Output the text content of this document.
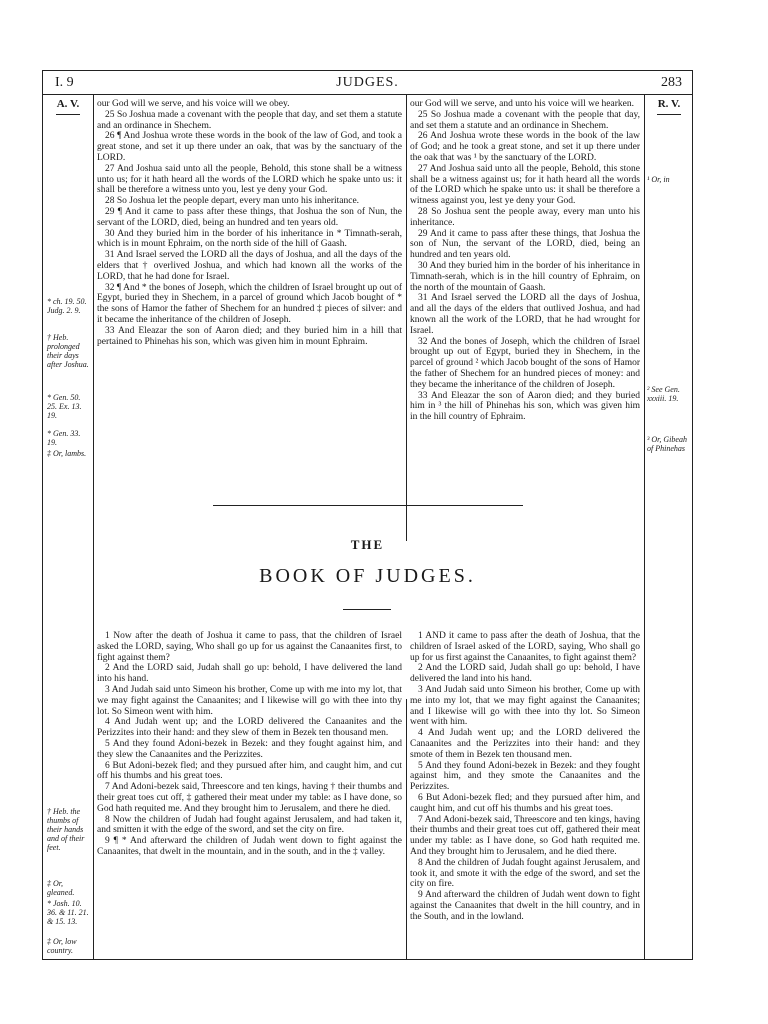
I. 9	JUDGES.	283
A. V.	R. V.

our God will we serve, and his voice will we obey.

25 So Joshua made a covenant with the people that day, and set them a statute and an ordinance in Shechem.

26 ¶ And Joshua wrote these words in the book of the law of God, and took a great stone, and set it up there under an oak, that was by the sanctuary of the LORD.

27 And Joshua said unto all the people, Behold, this stone shall be a witness unto us; for it hath heard all the words of the LORD which he spake unto us: it shall be therefore a witness unto you, lest ye deny your God.

28 So Joshua let the people depart, every man unto his inheritance.

29 ¶ And it came to pass after these things, that Joshua the son of Nun, the servant of the LORD, died, being an hundred and ten years old.

30 And they buried him in the border of his inheritance in * Timnath-serah, which is in mount Ephraim, on the north side of the hill of Gaash.

31 And Israel served the LORD all the days of Joshua, and all the days of the elders that † overlived Joshua, and which had known all the works of the LORD, that he had done for Israel.

32 ¶ And * the bones of Joseph, which the children of Israel brought up out of Egypt, buried they in Shechem, in a parcel of ground which Jacob bought of * the sons of Hamor the father of Shechem for an hundred ‡ pieces of silver: and it became the inheritance of the children of Joseph.

33 And Eleazar the son of Aaron died; and they buried him in a hill that pertained to Phinehas his son, which was given him in mount Ephraim.

our God will we serve, and unto his voice will we hearken.

25 So Joshua made a covenant with the people that day, and set them a statute and an ordinance in Shechem.

26 And Joshua wrote these words in the book of the law of God; and he took a great stone, and set it up there under the oak that was ¹ by the sanctuary of the LORD.

27 And Joshua said unto all the people, Behold, this stone shall be a witness against us; for it hath heard all the words of the LORD which he spake unto us: it shall be therefore a witness against you, lest ye deny your God.

28 So Joshua sent the people away, every man unto his inheritance.

29 And it came to pass after these things, that Joshua the son of Nun, the servant of the LORD, died, being an hundred and ten years old.

30 And they buried him in the border of his inheritance in Timnath-serah, which is in the hill country of Ephraim, on the north of the mountain of Gaash.

31 And Israel served the LORD all the days of Joshua, and all the days of the elders that outlived Joshua, and had known all the work of the LORD, that he had wrought for Israel.

32 And the bones of Joseph, which the children of Israel brought up out of Egypt, buried they in Shechem, in the parcel of ground ² which Jacob bought of the sons of Hamor the father of Shechem for an hundred pieces of money: and they became the inheritance of the children of Joseph.

33 And Eleazar the son of Aaron died; and they buried him in ³ the hill of Phinehas his son, which was given him in the hill country of Ephraim.

* ch. 19. 50. Judg. 2. 9.
† Heb. prolonged their days after Joshua.
* Gen. 50. 25. Ex. 13. 19.
* Gen. 33. 19.
‡ Or, lambs.
¹ Or, in
² See Gen. xxxiii. 19.
³ Or, Gibeah of Phinehas
THE
BOOK OF JUDGES.

1 Now after the death of Joshua it came to pass, that the children of Israel asked the LORD, saying, Who shall go up for us against the Canaanites first, to fight against them?

2 And the LORD said, Judah shall go up: behold, I have delivered the land into his hand.

3 And Judah said unto Simeon his brother, Come up with me into my lot, that we may fight against the Canaanites; and I likewise will go with thee into thy lot. So Simeon went with him.

4 And Judah went up; and the LORD delivered the Canaanites and the Perizzites into their hand: and they slew of them in Bezek ten thousand men.

5 And they found Adoni-bezek in Bezek: and they fought against him, and they slew the Canaanites and the Perizzites.

6 But Adoni-bezek fled; and they pursued after him, and caught him, and cut off his thumbs and his great toes.

7 And Adoni-bezek said, Threescore and ten kings, having † their thumbs and their great toes cut off, ‡ gathered their meat under my table: as I have done, so God hath requited me. And they brought him to Jerusalem, and there he died.

8 Now the children of Judah had fought against Jerusalem, and had taken it, and smitten it with the edge of the sword, and set the city on fire.

9 ¶ * And afterward the children of Judah went down to fight against the Canaanites, that dwelt in the mountain, and in the south, and in the ‡ valley.

1 AND it came to pass after the death of Joshua, that the children of Israel asked of the LORD, saying, Who shall go up for us first against the Canaanites, to fight against them?

2 And the LORD said, Judah shall go up: behold, I have delivered the land into his hand.

3 And Judah said unto Simeon his brother, Come up with me into my lot, that we may fight against the Canaanites; and I likewise will go with thee into thy lot. So Simeon went with him.

4 And Judah went up; and the LORD delivered the Canaanites and the Perizzites into their hand: and they smote of them in Bezek ten thousand men.

5 And they found Adoni-bezek in Bezek: and they fought against him, and they smote the Canaanites and the Perizzites.

6 But Adoni-bezek fled; and they pursued after him, and caught him, and cut off his thumbs and his great toes.

7 And Adoni-bezek said, Threescore and ten kings, having their thumbs and their great toes cut off, gathered their meat under my table: as I have done, so God hath requited me. And they brought him to Jerusalem, and he died there.

8 And the children of Judah fought against Jerusalem, and took it, and smote it with the edge of the sword, and set the city on fire.

9 And afterward the children of Judah went down to fight against the Canaanites that dwelt in the hill country, and in the South, and in the lowland.

† Heb. the thumbs of their hands and of their feet.
‡ Or, gleaned.
* Josh. 10. 36. & 11. 21. & 15. 13.
‡ Or, low country.
